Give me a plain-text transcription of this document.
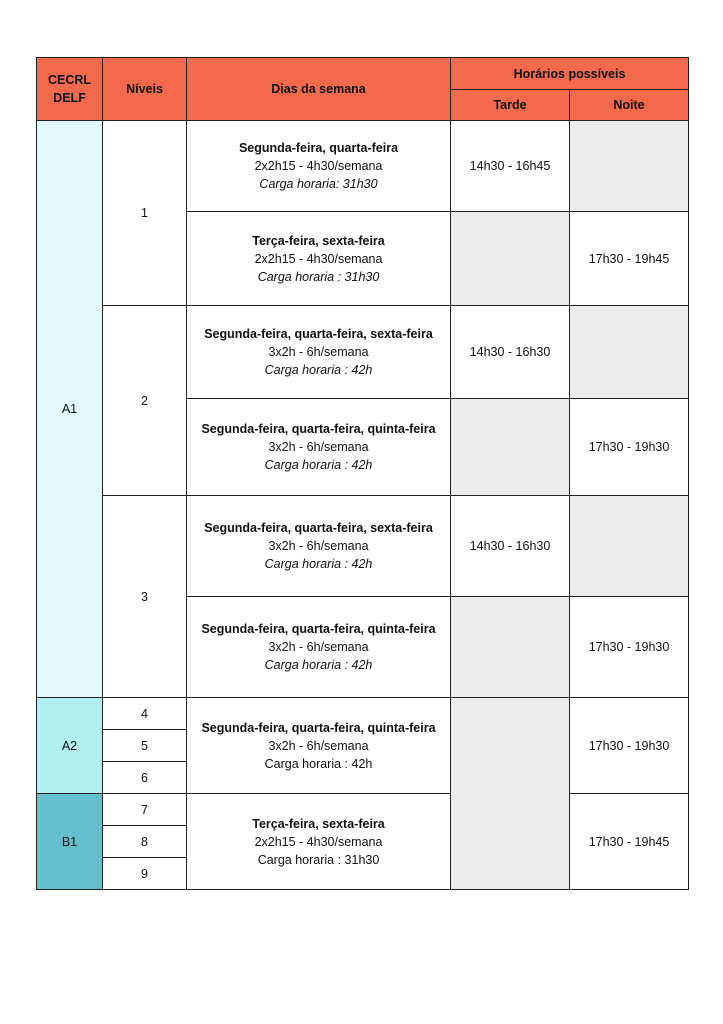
CECRL
DELF	Níveis	Dias da semana	Horários possíveis	
			Tarde	Noite
A1	1	Segunda-feira, quarta-feira
2x2h15 - 4h30/semana
Carga horaria: 31h30	14h30 - 16h45	

		Terça-feira, sexta-feira
2x2h15 - 4h30/semana
Carga horaria : 31h30		17h30 - 19h45
	2	Segunda-feira, quarta-feira, sexta-feira
3x2h - 6h/semana
Carga horaria : 42h	14h30 - 16h30	

		Segunda-feira, quarta-feira, quinta-feira
3x2h - 6h/semana
Carga horaria : 42h		17h30 - 19h30
	3	Segunda-feira, quarta-feira, sexta-feira
3x2h - 6h/semana
Carga horaria : 42h	14h30 - 16h30	

		Segunda-feira, quarta-feira, quinta-feira
3x2h - 6h/semana
Carga horaria : 42h		17h30 - 19h30
A2	4	Segunda-feira, quarta-feira, quinta-feira
3x2h - 6h/semana
Carga horaria : 42h		17h30 - 19h30
	5			
	6			
B1	7	Terça-feira, sexta-feira
2x2h15 - 4h30/semana
Carga horaria : 31h30		17h30 - 19h45
	8			
	9			
